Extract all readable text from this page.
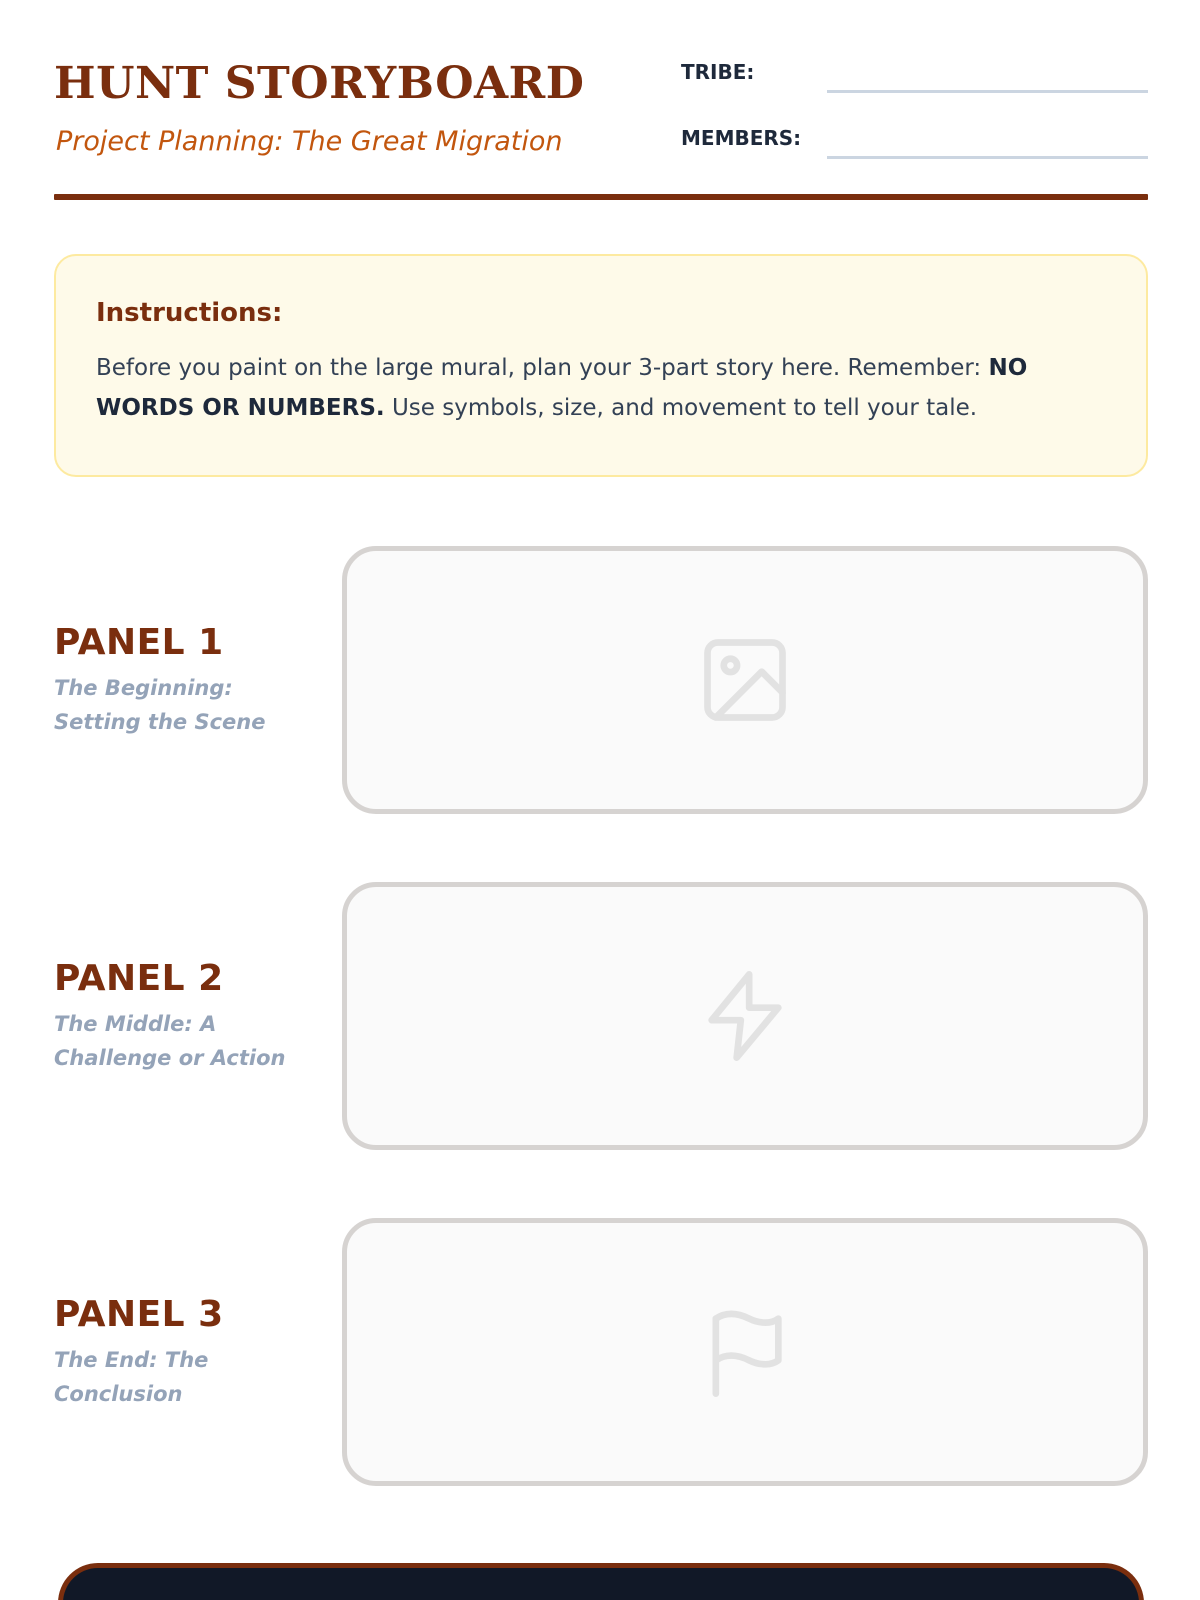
HUNT STORYBOARD
Project Planning: The Great Migration
TRIBE:
MEMBERS:
Instructions:

Before you paint on the large mural, plan your 3-part story here. Remember: NO WORDS OR NUMBERS. Use symbols, size, and movement to tell your tale.

PANEL 1
The Beginning: Setting the Scene
PANEL 2
The Middle: A Challenge or Action
PANEL 3
The End: The Conclusion
